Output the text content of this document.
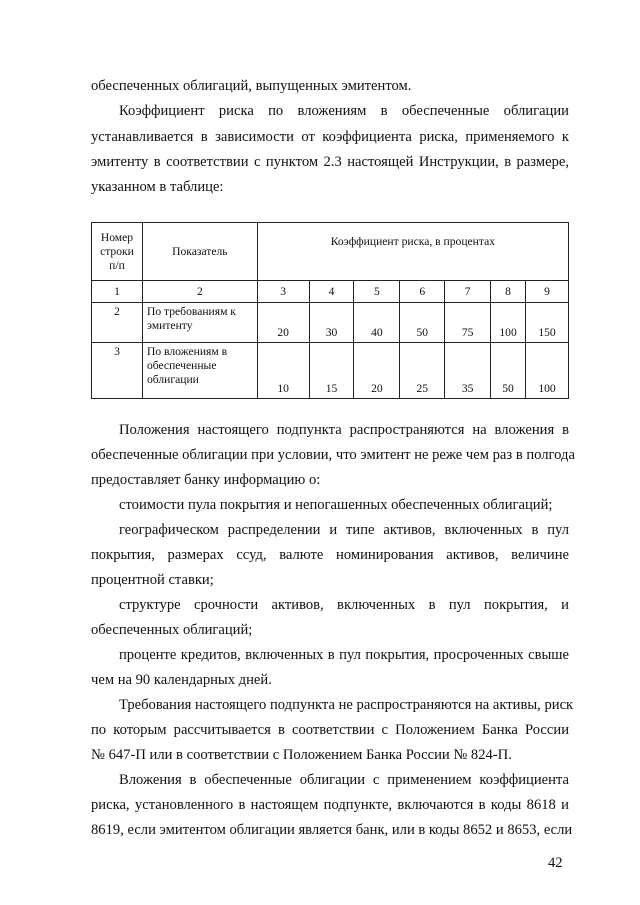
обеспеченных облигаций, выпущенных эмитентом.
Коэффициент риска по вложениям в обеспеченные облигации
устанавливается в зависимости от коэффициента риска, применяемого к
эмитенту в соответствии с пунктом 2.3 настоящей Инструкции, в размере,
указанном в таблице:
Номер строки п/п	Показатель	Коэффициент риска, в процентах						
1	2	3	4	5	6	7	8	9
2	По требованиям к эмитенту	20	30	40	50	75	100	150
3	По вложениям в обеспеченные облигации	10	15	20	25	35	50	100
Положения настоящего подпункта распространяются на вложения в
обеспеченные облигации при условии, что эмитент не реже чем раз в полгода
предоставляет банку информацию о:
стоимости пула покрытия и непогашенных обеспеченных облигаций;
географическом распределении и типе активов, включенных в пул
покрытия, размерах ссуд, валюте номинирования активов, величине
процентной ставки;
структуре срочности активов, включенных в пул покрытия, и
обеспеченных облигаций;
проценте кредитов, включенных в пул покрытия, просроченных свыше
чем на 90 календарных дней.
Требования настоящего подпункта не распространяются на активы, риск
по которым рассчитывается в соответствии с Положением Банка России
№ 647-П или в соответствии с Положением Банка России № 824-П.
Вложения в обеспеченные облигации с применением коэффициента
риска, установленного в настоящем подпункте, включаются в коды 8618 и
8619, если эмитентом облигации является банк, или в коды 8652 и 8653, если
42
